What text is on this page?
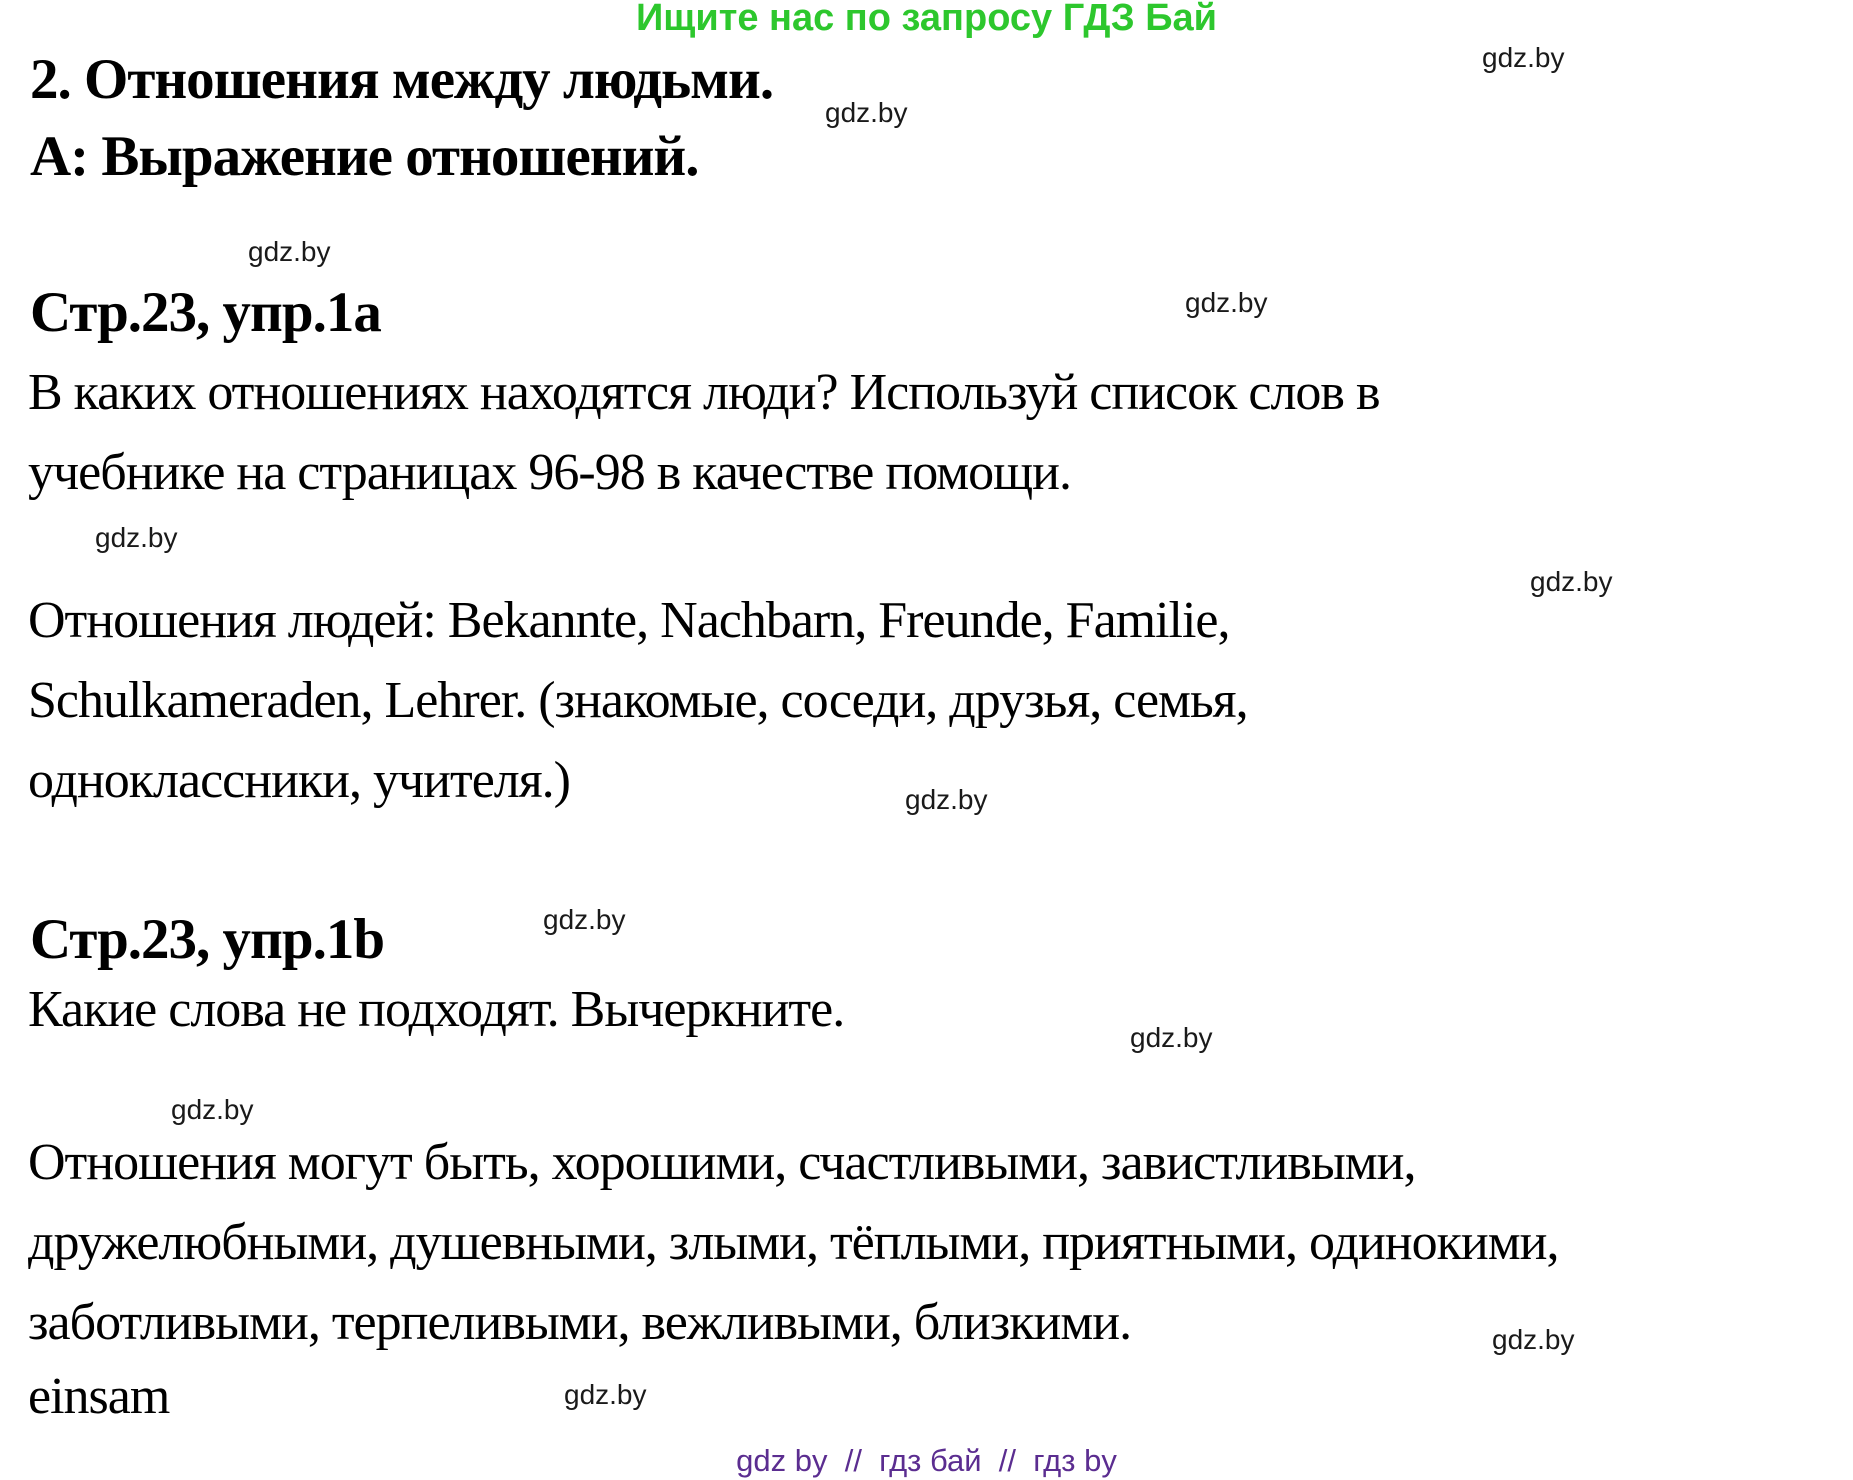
Ищите нас по запросу ГДЗ Бай
2. Отношения между людьми.
А: Выражение отношений.
Стр.23, упр.1a
Стр.23, упр.1b
В каких отношениях находятся люди? Используй список слов в
учебнике на страницах 96-98 в качестве помощи.
Отношения людей: Bekannte, Nachbarn, Freunde, Familie,
Schulkameraden, Lehrer. (знакомые, соседи, друзья, семья,
одноклассники, учителя.)
Какие слова не подходят. Вычеркните.
Отношения могут быть, хорошими, счастливыми, завистливыми,
дружелюбными, душевными, злыми, тёплыми, приятными, одинокими,
заботливыми, терпеливыми, вежливыми, близкими.
einsam
gdz.by
gdz.by
gdz.by
gdz.by
gdz.by
gdz.by
gdz.by
gdz.by
gdz.by
gdz.by
gdz.by
gdz.by
gdz by  //  гдз бай  //  гдз by
